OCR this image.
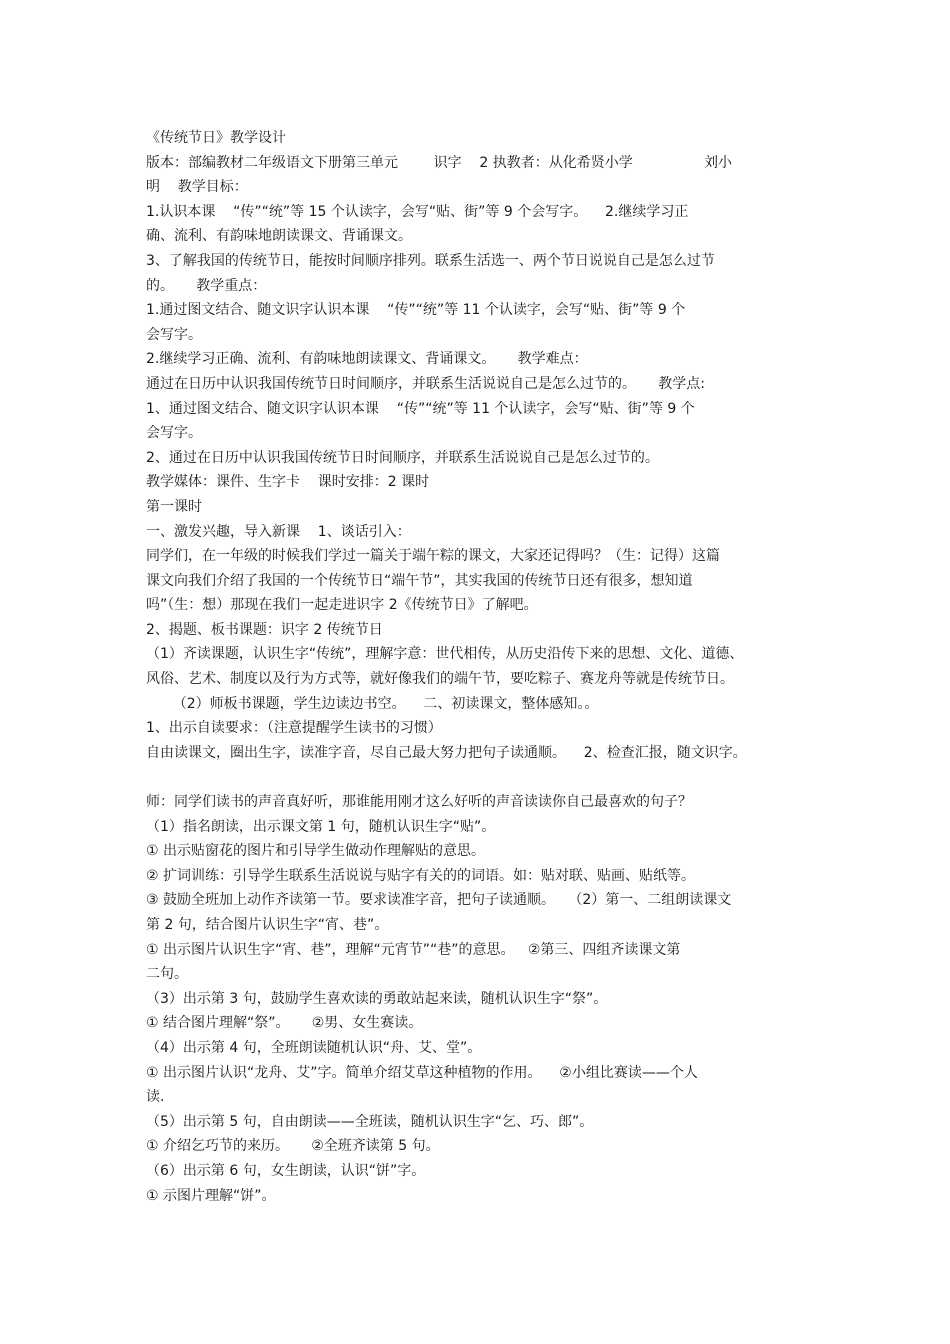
《传统节日》教学设计
版本：部编教材二年级语文下册第三单元        识字    2 执教者：从化希贤小学                刘小
明    教学目标：
1.认识本课    “传”“统”等 15 个认读字，会写“贴、街”等 9 个会写字。    2.继续学习正
确、流利、有韵味地朗读课文、背诵课文。
3、了解我国的传统节日，能按时间顺序排列。联系生活选一、两个节日说说自己是怎么过节
的。     教学重点：
1.通过图文结合、随文识字认识本课    “传”“统”等 11 个认读字，会写“贴、街”等 9 个
会写字。
2.继续学习正确、流利、有韵味地朗读课文、背诵课文。     教学难点：
通过在日历中认识我国传统节日时间顺序，并联系生活说说自己是怎么过节的。     教学点:
1、通过图文结合、随文识字认识本课    “传”“统”等 11 个认读字，会写“贴、街”等 9 个
会写字。
2、通过在日历中认识我国传统节日时间顺序，并联系生活说说自己是怎么过节的。
教学媒体：课件、生字卡    课时安排：2 课时
第一课时
一、激发兴趣，导入新课    1、谈话引入：
同学们，在一年级的时候我们学过一篇关于端午粽的课文，大家还记得吗？（生：记得）这篇
课文向我们介绍了我国的一个传统节日“端午节”，其实我国的传统节日还有很多，想知道
吗”（生：想）那现在我们一起走进识字 2《传统节日》了解吧。
2、揭题、板书课题：识字 2 传统节日
（1）齐读课题，认识生字“传统”，理解字意：世代相传，从历史沿传下来的思想、文化、道德、
风俗、艺术、制度以及行为方式等，就好像我们的端午节，要吃粽子、赛龙舟等就是传统节日。
（2）师板书课题，学生边读边书空。    二、初读课文，整体感知。。
1、出示自读要求：（注意提醒学生读书的习惯）
自由读课文，圈出生字，读准字音，尽自己最大努力把句子读通顺。    2、检查汇报，随文识字。
师：同学们读书的声音真好听，那谁能用刚才这么好听的声音读读你自己最喜欢的句子？
（1）指名朗读，出示课文第 1 句，随机认识生字“贴”。
① 出示贴窗花的图片和引导学生做动作理解贴的意思。
② 扩词训练：引导学生联系生活说说与贴字有关的的词语。如：贴对联、贴画、贴纸等。
③ 鼓励全班加上动作齐读第一节。要求读准字音，把句子读通顺。   （2）第一、二组朗读课文
第 2 句，结合图片认识生字“宵、巷”。
① 出示图片认识生字“宵、巷”，理解“元宵节”“巷”的意思。   ②第三、四组齐读课文第
二句。
（3）出示第 3 句，鼓励学生喜欢读的勇敢站起来读，随机认识生字“祭”。
① 结合图片理解“祭”。     ②男、女生赛读。
（4）出示第 4 句，全班朗读随机认识“舟、艾、堂”。
① 出示图片认识“龙舟、艾”字。简单介绍艾草这种植物的作用。    ②小组比赛读——个人
读.
（5）出示第 5 句，自由朗读——全班读，随机认识生字“乞、巧、郎”。
① 介绍乞巧节的来历。     ②全班齐读第 5 句。
（6）出示第 6 句，女生朗读，认识“饼”字。
① 示图片理解“饼”。
